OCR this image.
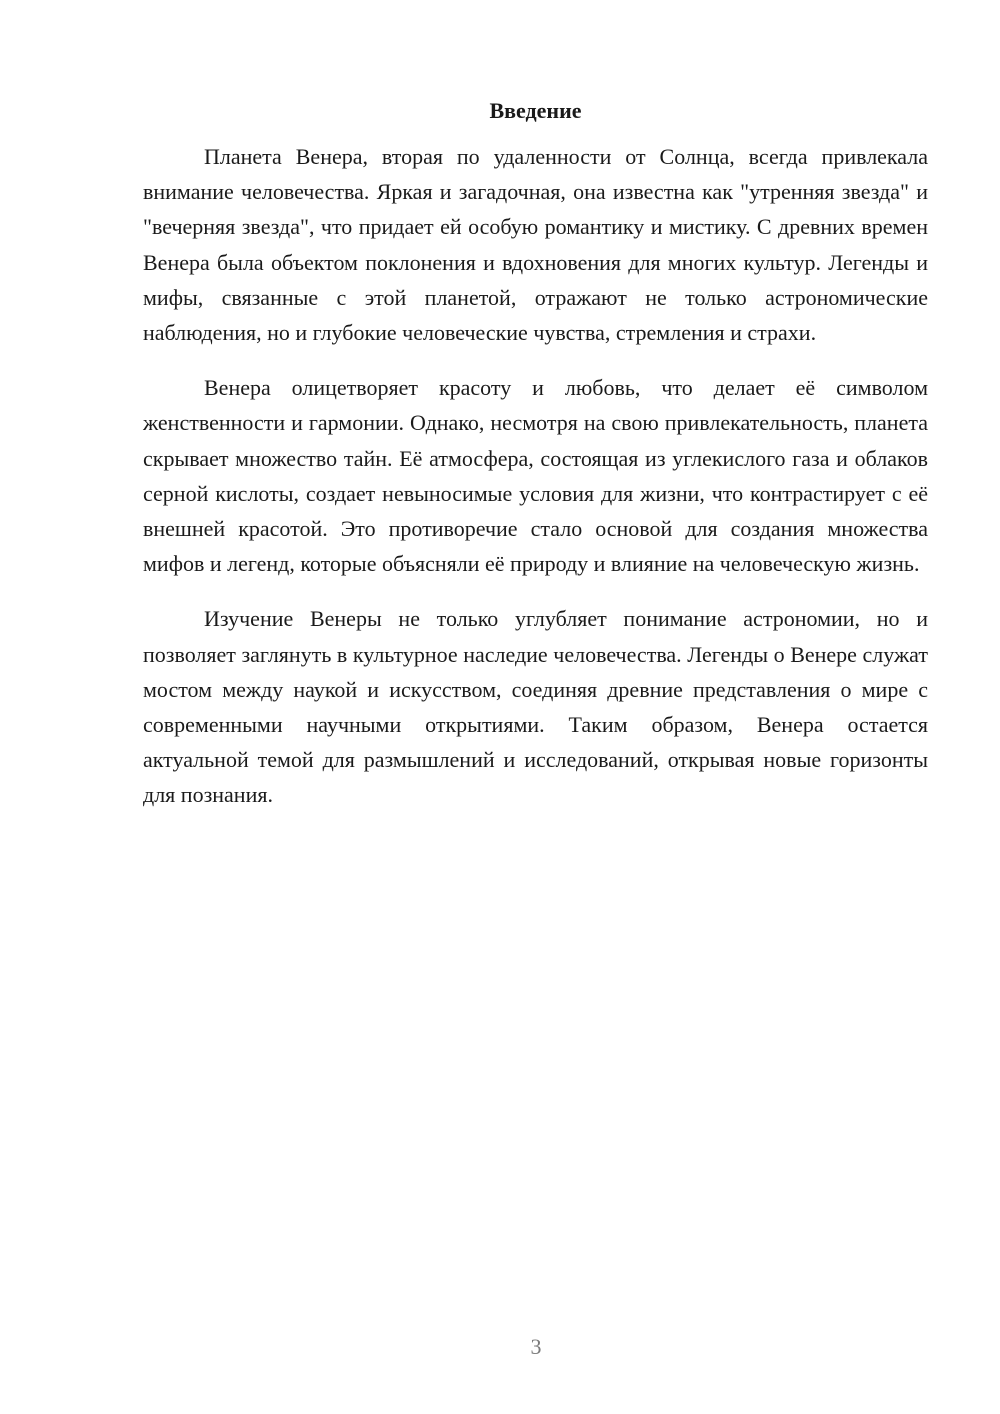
Введение

Планета Венера, вторая по удаленности от Солнца, всегда привлекала внимание человечества. Яркая и загадочная, она известна как "утренняя звезда" и "вечерняя звезда", что придает ей особую романтику и мистику. С древних времен Венера была объектом поклонения и вдохновения для многих культур. Легенды и мифы, связанные с этой планетой, отражают не только астрономические наблюдения, но и глубокие человеческие чувства, стремления и страхи.

Венера олицетворяет красоту и любовь, что делает её символом женственности и гармонии. Однако, несмотря на свою привлекательность, планета скрывает множество тайн. Её атмосфера, состоящая из углекислого газа и облаков серной кислоты, создает невыносимые условия для жизни, что контрастирует с её внешней красотой. Это противоречие стало основой для создания множества мифов и легенд, которые объясняли её природу и влияние на человеческую жизнь.

Изучение Венеры не только углубляет понимание астрономии, но и позволяет заглянуть в культурное наследие человечества. Легенды о Венере служат мостом между наукой и искусством, соединяя древние представления о мире с современными научными открытиями. Таким образом, Венера остается актуальной темой для размышлений и исследований, открывая новые горизонты для познания.

3
